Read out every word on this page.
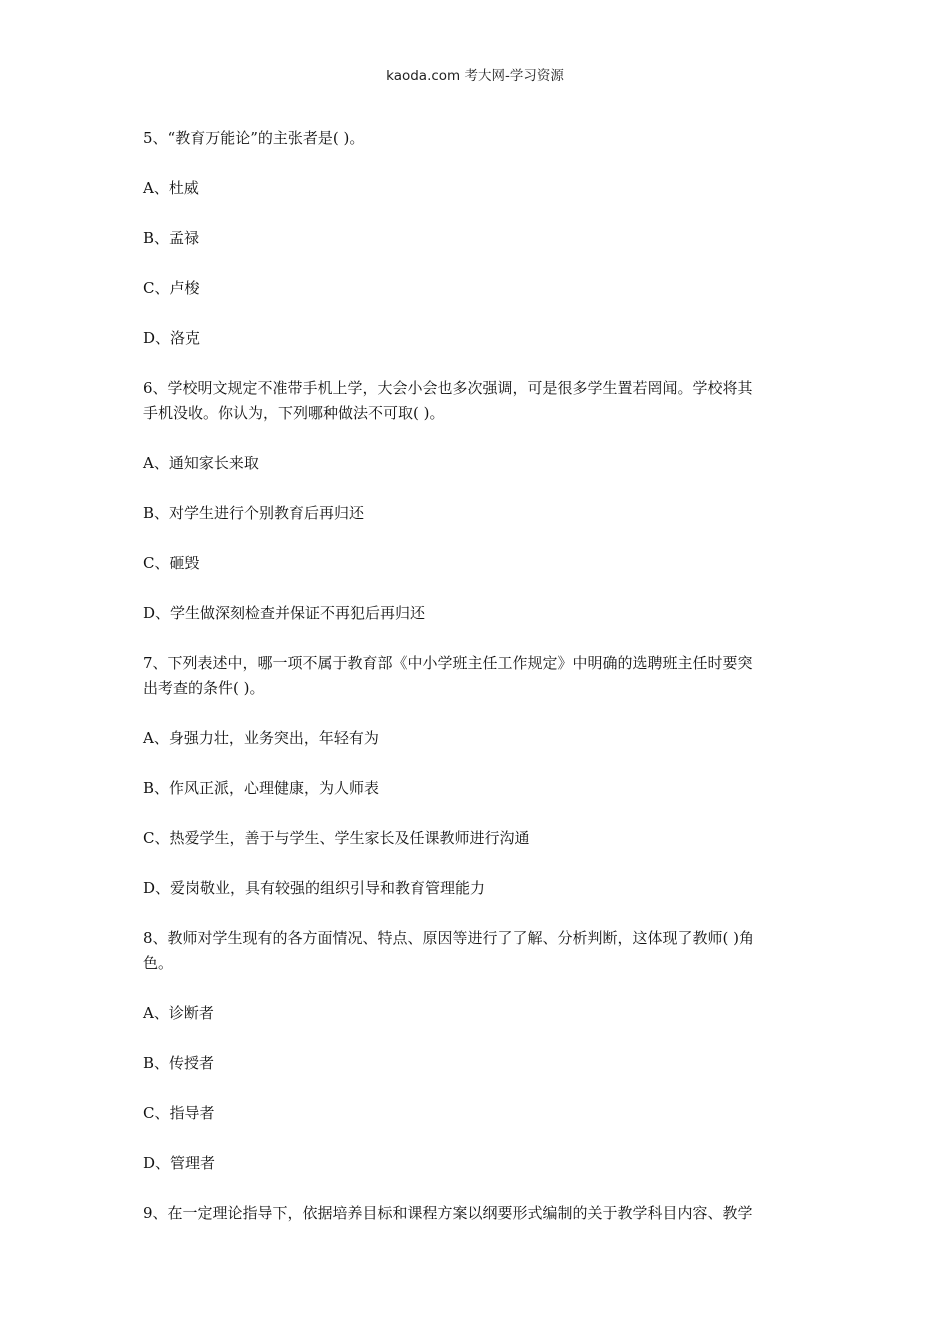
kaoda.com 考大网-学习资源
5、“教育万能论”的主张者是( )。
A、杜威
B、孟禄
C、卢梭
D、洛克
6、学校明文规定不准带手机上学，大会小会也多次强调，可是很多学生置若罔闻。学校将其
手机没收。你认为，下列哪种做法不可取( )。
A、通知家长来取
B、对学生进行个别教育后再归还
C、砸毁
D、学生做深刻检查并保证不再犯后再归还
7、下列表述中，哪一项不属于教育部《中小学班主任工作规定》中明确的选聘班主任时要突
出考查的条件( )。
A、身强力壮，业务突出，年轻有为
B、作风正派，心理健康，为人师表
C、热爱学生，善于与学生、学生家长及任课教师进行沟通
D、爱岗敬业，具有较强的组织引导和教育管理能力
8、教师对学生现有的各方面情况、特点、原因等进行了了解、分析判断，这体现了教师( )角
色。
A、诊断者
B、传授者
C、指导者
D、管理者
9、在一定理论指导下，依据培养目标和课程方案以纲要形式编制的关于教学科目内容、教学
